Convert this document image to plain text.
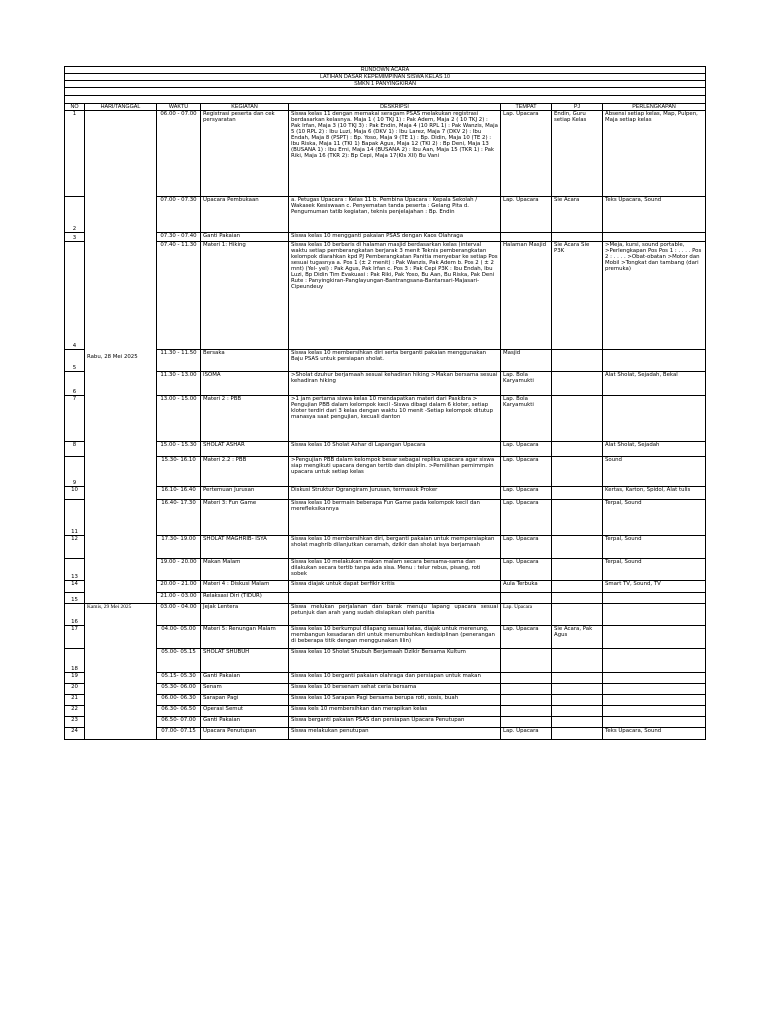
RUNDOWN ACARA							
LATIHAN DASAR KEPEMIMPINAN SISWA KELAS 10							
SMKN 1 PANYINGKIRAN							

NO	HARI/TANGGAL	WAKTU	KEGIATAN	DESKRIPSI	TEMPAT	PJ	PERLENGKAPAN
1	Rabu, 28 Mei 2025	06.00 - 07.00	Registrasi peserta dan cek persyaratan	Siswa kelas 11 dengan memakai seragam PSAS melakukan registrasi berdasarkan kelasnya. Maja 1 ( 10 TKJ 1) : Pak Adem, Maja 2 ( 10 TKJ 2) : Pak Irfan, Maja 3 (10 TKJ 3) : Pak Endin, Maja 4 (10 RPL 1) : Pak Wanzis, Maja 5 (10 RPL 2) : Ibu Luzi, Maja 6 (DKV 1) : Ibu Larez, Maja 7 (DKV 2) : Ibu Endah, Maja 8 (PSPT) : Bp. Yoso, Maja 9 (TE 1) : Bp. Didin, Maja 10 (TE 2) : Ibu Riska, Maja 11 (TKI 1) Bapak Agus, Maja 12 (TKI 2) : Bp Deni, Maja 13 (BUSANA 1) : Ibu Erni, Maja 14 (BUSANA 2) : Ibu Aan, Maja 15 (TKR 1) : Pak Riki, Maja 16 (TKR 2): Bp Cepi, Maja 17(Kls XII) Bu Vani	Lap. Upacara	Endin, Guru setiap Kelas	Absensi setiap kelas, Map, Pulpen, Maja setiap kelas
2		07.00 - 07.30	Upacara Pembukaan	a. Petugas Upacara : Kelas 11 b. Pembina Upacara : Kepala Sekolah / Wakasek Kesiswaan c. Penyematan tanda peserta : Gelang Pita d. Pengumuman tatib kegiatan, teknis penjelajahan : Bp. Endin	Lap. Upacara	Sie Acara	Teks Upacara, Sound
3		07.30 - 07.40	Ganti Pakaian	Siswa kelas 10 mengganti pakaian PSAS dengan Kaos Olahraga			
4		07.40 - 11.30	Materi 1: Hiking	Siswa kelas 10 berbaris di halaman masjid berdasarkan kelas (interval waktu setiap pemberangkatan berjarak 3 menit Teknis pemberangkatan kelompok diarahkan kpd PJ Pemberangkatan Panitia menyebar ke setiap Pos sesuai tugasnya a. Pos 1 (± 2 menit) : Pak Wanzis, Pak Adem b. Pos 2 ( ± 2 mnt) (Yel- yel) : Pak Agus, Pak Irfan c. Pos 3 : Pak Cepi P3K : Ibu Endah, Ibu Luzi, Bp Didin Tim Evakuasi : Pak Riki, Pak Yoso, Bu Aan, Bu Riska, Pak Deni Rute : Panyingkiran-Panglayungan-Bantrangsana-Bantarsari-Majasari-Cipeundeuy	Halaman Masjid	Sie Acara Sie P3K	>Meja, kursi, sound portable, >Perlengkapan Pos Pos 1 : . . . . Pos 2 : . . . . >Obat-obatan >Motor dan Mobil >Tongkat dan tambang (dari premuka)
5		11.30 - 11.50	Bersaka	Siswa kelas 10 membersihkan diri serta berganti pakaian menggunakan Baju PSAS untuk persiapan sholat.	Masjid		
6		11.30 - 13.00	ISOMA	>Sholat dzuhur berjamaah sesuai kehadiran hiking >Makan bersama sesuai kehadiran hiking	Lap. Bola Karyamukti		Alat Sholat, Sejadah, Bekal
7		13.00 - 15.00	Materi 2 : PBB	>1 jam pertama siswa kelas 10 mendapatkan materi dari Paskibra > Pengujian PBB dalam kelompok kecil -Siswa dibagi dalam 6 kloter, setiap kloter terdiri dari 3 kelas dengan waktu 10 menit -Setiap kelompok ditutup manasya saat pengujian, kecuali danton	Lap. Bola Karyamukti		
8		15.00 - 15.30	SHOLAT ASHAR	Siswa kelas 10 Sholat Ashar di Lapangan Upacara	Lap. Upacara		Alat Sholat, Sejadah
9		15.30- 16.10	Materi 2.2 : PBB	>Pengujian PBB dalam kelompok besar sebagai replika upacara agar siswa siap mengikuti upacara dengan tertib dan disiplin. >Pemilihan pemimmpin upacara untuk setiap kelas	Lap. Upacara		Sound
10		16.10- 16.40	Pertemuan Jurusan	Diskusi Struktur Ograngiram Jurusan, termasuk Proker	Lap. Upacara		Kertas, Karton, Spidol, Alat tulis
11		16.40- 17.30	Materi 3: Fun Game	Siswa kelas 10 bermain beberapa Fun Game pada kelompok kecil dan merefleksikannya	Lap. Upacara		Terpal, Sound
12		17.30- 19.00	SHOLAT MAGHRIB- ISYA	Siswa kelas 10 membersihkan diri, berganti pakaian untuk mempersiapkan sholat maghrib dilanjutkan ceramah, dzikir dan sholat isya berjamaah	Lap. Upacara		Terpal, Sound
13		19.00 - 20.00	Makan Malam	Siswa kelas 10 melakukan makan malam secara bersama-sama dan dilakukan secara tertib tanpa ada sisa. Menu : telur rebus, pisang, roti sobek	Lap. Upacara		Terpal, Sound
14		20.00 - 21.00	Materi 4 : Diskusi Malam	Siswa diajak untuk dapat berfikir kritis	Aula Terbuka		Smart TV, Sound, TV
15		21.00 - 03.00	Relaksasi Diri (TIDUR)				
16	Kamis, 29 Mei 2025	03.00 - 04.00	Jejak Lentera	Siswa melukan perjalanan dan barak menuju lapang upacara sesuai petunjuk dan arah yang sudah disiapkan oleh panitia	Lap. Upacara		
17		04.00- 05.00	Materi 5: Renungan Malam	Siswa kelas 10 berkumpul dilapang sesuai kelas, diajak untuk merenung, membangun kesadaran diri untuk menumbuhkan kedisiplinan (penerangan di beberapa titik dengan menggunakan lilin)	Lap. Upacara	Sie Acara, Pak Agus	
18		05.00- 05.15	SHOLAT SHUBUH	Siswa kelas 10 Sholat Shubuh Berjamaah Dzikir Bersama Kultum			
19		05.15- 05.30	Ganti Pakaian	Siswa kelas 10 berganti pakaian olahraga dan persiapan untuk makan			
20		05.30- 06.00	Senam	Siswa kelas 10 bersenam sehat ceria bersama			
21		06.00- 06.30	Sarapan Pagi	Siswa kelas 10 Sarapan Pagi bersama berupa roti, sosis, buah			
22		06.30- 06.50	Operasi Semut	Siswa kels 10 membersihkan dan merapikan kelas			
23		06.50- 07.00	Ganti Pakaian	Siswa berganti pakaian PSAS dan persiapan Upacara Penutupan			
24		07.00- 07.15	Upacara Penutupan	Siswa melakukan penutupan	Lap. Upacara		Teks Upacara, Sound
